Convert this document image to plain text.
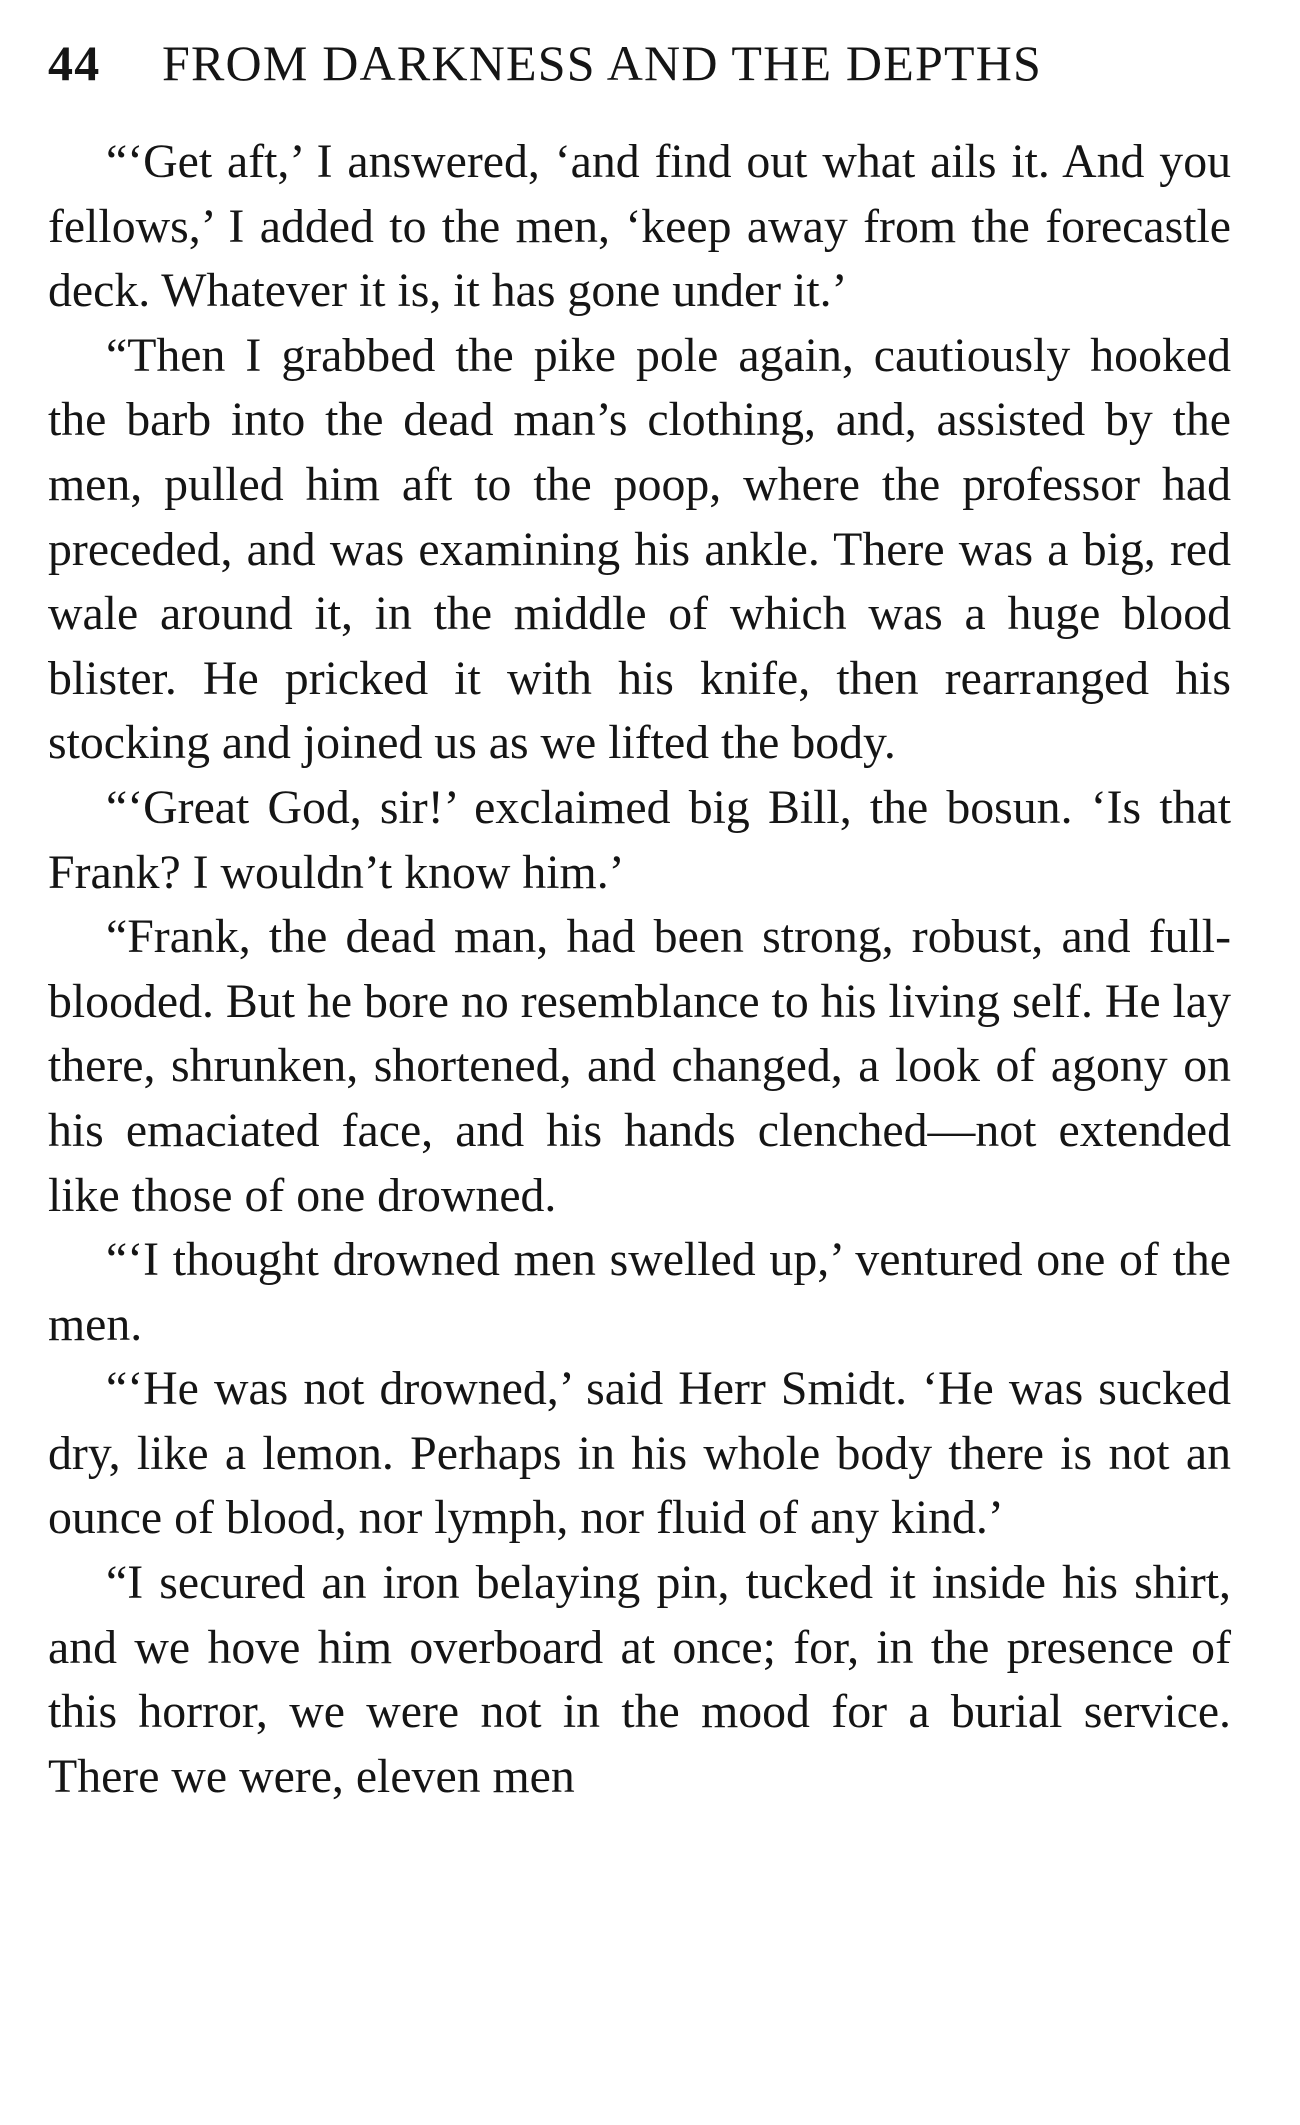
44	FROM DARKNESS AND THE DEPTHS

“‘Get aft,’ I answered, ‘and find out what ails it. And you fellows,’ I added to the men, ‘keep away from the forecastle deck. Whatever it is, it has gone under it.’

“Then I grabbed the pike pole again, cautiously hooked the barb into the dead man’s clothing, and, assisted by the men, pulled him aft to the poop, where the professor had preceded, and was examining his ankle. There was a big, red wale around it, in the middle of which was a huge blood blister. He pricked it with his knife, then rearranged his stocking and joined us as we lifted the body.

“‘Great God, sir!’ exclaimed big Bill, the bosun. ‘Is that Frank? I wouldn’t know him.’

“Frank, the dead man, had been strong, robust, and full-blooded. But he bore no resemblance to his living self. He lay there, shrunken, shortened, and changed, a look of agony on his emaciated face, and his hands clenched—not extended like those of one drowned.

“‘I thought drowned men swelled up,’ ventured one of the men.

“‘He was not drowned,’ said Herr Smidt. ‘He was sucked dry, like a lemon. Perhaps in his whole body there is not an ounce of blood, nor lymph, nor fluid of any kind.’

“I secured an iron belaying pin, tucked it inside his shirt, and we hove him overboard at once; for, in the presence of this horror, we were not in the mood for a burial service. There we were, eleven men
